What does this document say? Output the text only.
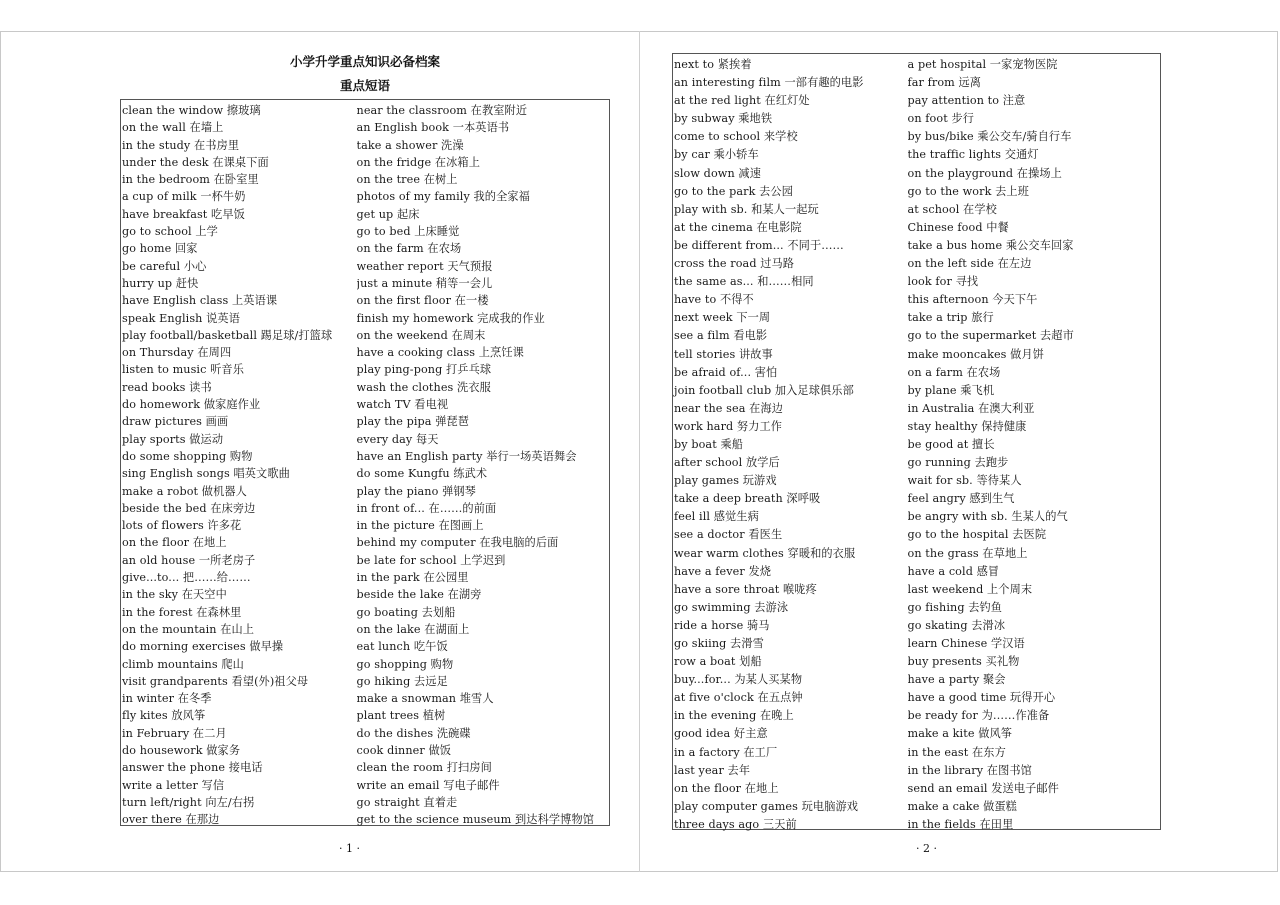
小学升学重点知识必备档案
重点短语
clean the window 擦玻璃	near the classroom 在教室附近
on the wall 在墙上	an English book 一本英语书
in the study 在书房里	take a shower 洗澡
under the desk 在课桌下面	on the fridge 在冰箱上
in the bedroom 在卧室里	on the tree 在树上
a cup of milk 一杯牛奶	photos of my family 我的全家福
have breakfast 吃早饭	get up 起床
go to school 上学	go to bed 上床睡觉
go home 回家	on the farm 在农场
be careful 小心	weather report 天气预报
hurry up 赶快	just a minute 稍等一会儿
have English class 上英语课	on the first floor 在一楼
speak English 说英语	finish my homework 完成我的作业
play football/basketball 踢足球/打篮球	on the weekend 在周末
on Thursday 在周四	have a cooking class 上烹饪课
listen to music 听音乐	play ping-pong 打乒乓球
read books 读书	wash the clothes 洗衣服
do homework 做家庭作业	watch TV 看电视
draw pictures 画画	play the pipa 弹琵琶
play sports 做运动	every day 每天
do some shopping 购物	have an English party 举行一场英语舞会
sing English songs 唱英文歌曲	do some Kungfu 练武术
make a robot 做机器人	play the piano 弹钢琴
beside the bed 在床旁边	in front of... 在……的前面
lots of flowers 许多花	in the picture 在图画上
on the floor 在地上	behind my computer 在我电脑的后面
an old house 一所老房子	be late for school 上学迟到
give...to... 把……给……	in the park 在公园里
in the sky 在天空中	beside the lake 在湖旁
in the forest 在森林里	go boating 去划船
on the mountain 在山上	on the lake 在湖面上
do morning exercises 做早操	eat lunch 吃午饭
climb mountains 爬山	go shopping 购物
visit grandparents 看望(外)祖父母	go hiking 去远足
in winter 在冬季	make a snowman 堆雪人
fly kites 放风筝	plant trees 植树
in February 在二月	do the dishes 洗碗碟
do housework 做家务	cook dinner 做饭
answer the phone 接电话	clean the room 打扫房间
write a letter 写信	write an email 写电子邮件
turn left/right 向左/右拐	go straight 直着走
over there 在那边	get to the science museum 到达科学博物馆
· 1 ·
next to 紧挨着	a pet hospital 一家宠物医院
an interesting film 一部有趣的电影	far from 远离
at the red light 在红灯处	pay attention to 注意
by subway 乘地铁	on foot 步行
come to school 来学校	by bus/bike 乘公交车/骑自行车
by car 乘小轿车	the traffic lights 交通灯
slow down 减速	on the playground 在操场上
go to the park 去公园	go to the work 去上班
play with sb. 和某人一起玩	at school 在学校
at the cinema 在电影院	Chinese food 中餐
be different from... 不同于……	take a bus home 乘公交车回家
cross the road 过马路	on the left side 在左边
the same as... 和……相同	look for 寻找
have to 不得不	this afternoon 今天下午
next week 下一周	take a trip 旅行
see a film 看电影	go to the supermarket 去超市
tell stories 讲故事	make mooncakes 做月饼
be afraid of... 害怕	on a farm 在农场
join football club 加入足球俱乐部	by plane 乘飞机
near the sea 在海边	in Australia 在澳大利亚
work hard 努力工作	stay healthy 保持健康
by boat 乘船	be good at 擅长
after school 放学后	go running 去跑步
play games 玩游戏	wait for sb. 等待某人
take a deep breath 深呼吸	feel angry 感到生气
feel ill 感觉生病	be angry with sb. 生某人的气
see a doctor 看医生	go to the hospital 去医院
wear warm clothes 穿暖和的衣服	on the grass 在草地上
have a fever 发烧	have a cold 感冒
have a sore throat 喉咙疼	last weekend 上个周末
go swimming 去游泳	go fishing 去钓鱼
ride a horse 骑马	go skating 去滑冰
go skiing 去滑雪	learn Chinese 学汉语
row a boat 划船	buy presents 买礼物
buy...for... 为某人买某物	have a party 聚会
at five o'clock 在五点钟	have a good time 玩得开心
in the evening 在晚上	be ready for 为……作准备
good idea 好主意	make a kite 做风筝
in a factory 在工厂	in the east 在东方
last year 去年	in the library 在图书馆
on the floor 在地上	send an email 发送电子邮件
play computer games 玩电脑游戏	make a cake 做蛋糕
three days ago 三天前	in the fields 在田里
· 2 ·
